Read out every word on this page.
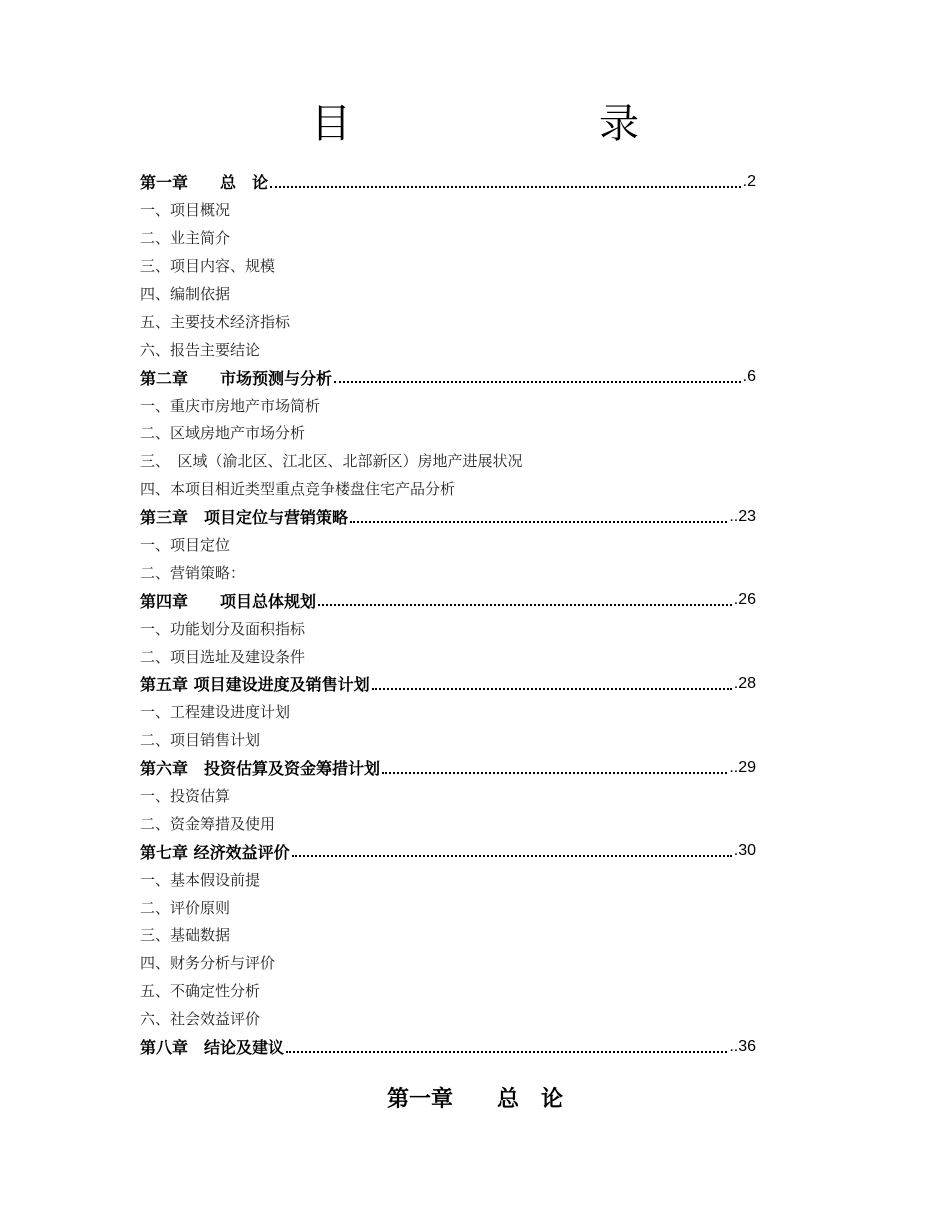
目　　录
第一章　　总　论	.2
一、项目概况
二、业主简介
三、项目内容、规模
四、编制依据
五、主要技术经济指标
六、报告主要结论
第二章　　市场预测与分析	.6
一、重庆市房地产市场简析
二、区域房地产市场分析
三、　区域（渝北区、江北区、北部新区）房地产进展状况
四、本项目相近类型重点竞争楼盘住宅产品分析
第三章　项目定位与营销策略	..23
一、项目定位
二、营销策略：
第四章　　项目总体规划	.26
一、功能划分及面积指标
二、项目选址及建设条件
第五章 项目建设进度及销售计划	.28
一、工程建设进度计划
二、项目销售计划
第六章　投资估算及资金筹措计划	..29
一、投资估算
二、资金筹措及使用
第七章 经济效益评价	.30
一、基本假设前提
二、评价原则
三、基础数据
四、财务分析与评价
五、不确定性分析
六、社会效益评价
第八章　结论及建议	..36
第一章　　总　论
